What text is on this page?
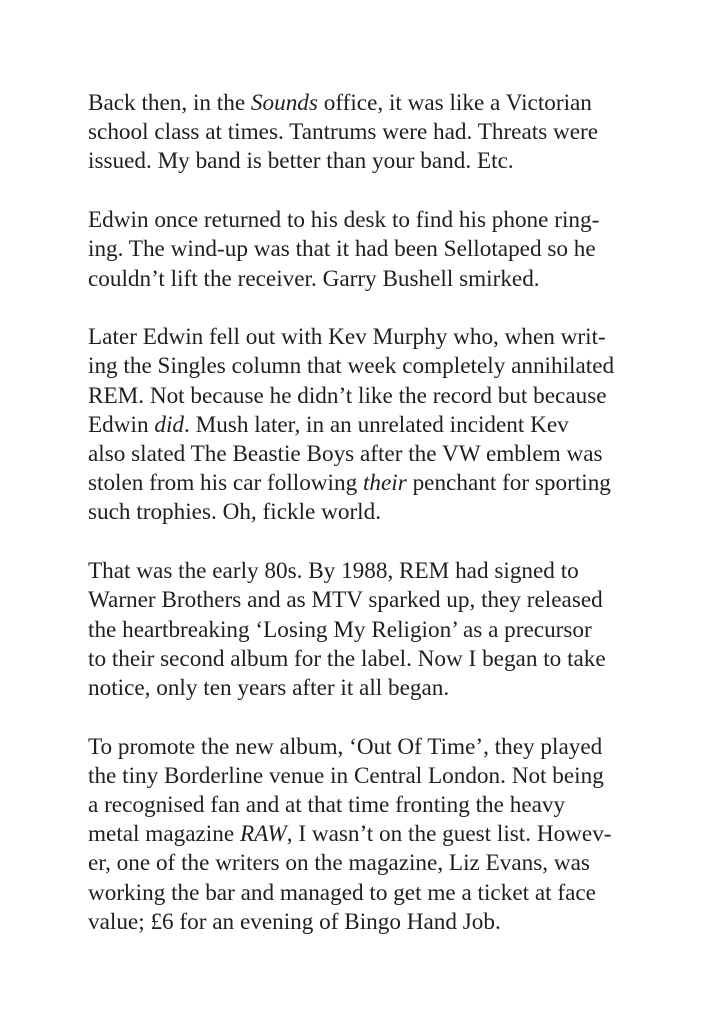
Back then, in the Sounds office, it was like a Victorian
school class at times. Tantrums were had. Threats were
issued. My band is better than your band. Etc.

Edwin once returned to his desk to find his phone ring-
ing. The wind-up was that it had been Sellotaped so he
couldn’t lift the receiver. Garry Bushell smirked.

Later Edwin fell out with Kev Murphy who, when writ-
ing the Singles column that week completely annihilated
REM. Not because he didn’t like the record but because
Edwin did. Mush later, in an unrelated incident Kev
also slated The Beastie Boys after the VW emblem was
stolen from his car following their penchant for sporting
such trophies. Oh, fickle world.

That was the early 80s. By 1988, REM had signed to
Warner Brothers and as MTV sparked up, they released
the heartbreaking ‘Losing My Religion’ as a precursor
to their second album for the label. Now I began to take
notice, only ten years after it all began.

To promote the new album, ‘Out Of Time’, they played
the tiny Borderline venue in Central London. Not being
a recognised fan and at that time fronting the heavy
metal magazine RAW, I wasn’t on the guest list. Howev-
er, one of the writers on the magazine, Liz Evans, was
working the bar and managed to get me a ticket at face
value; £6 for an evening of Bingo Hand Job.
